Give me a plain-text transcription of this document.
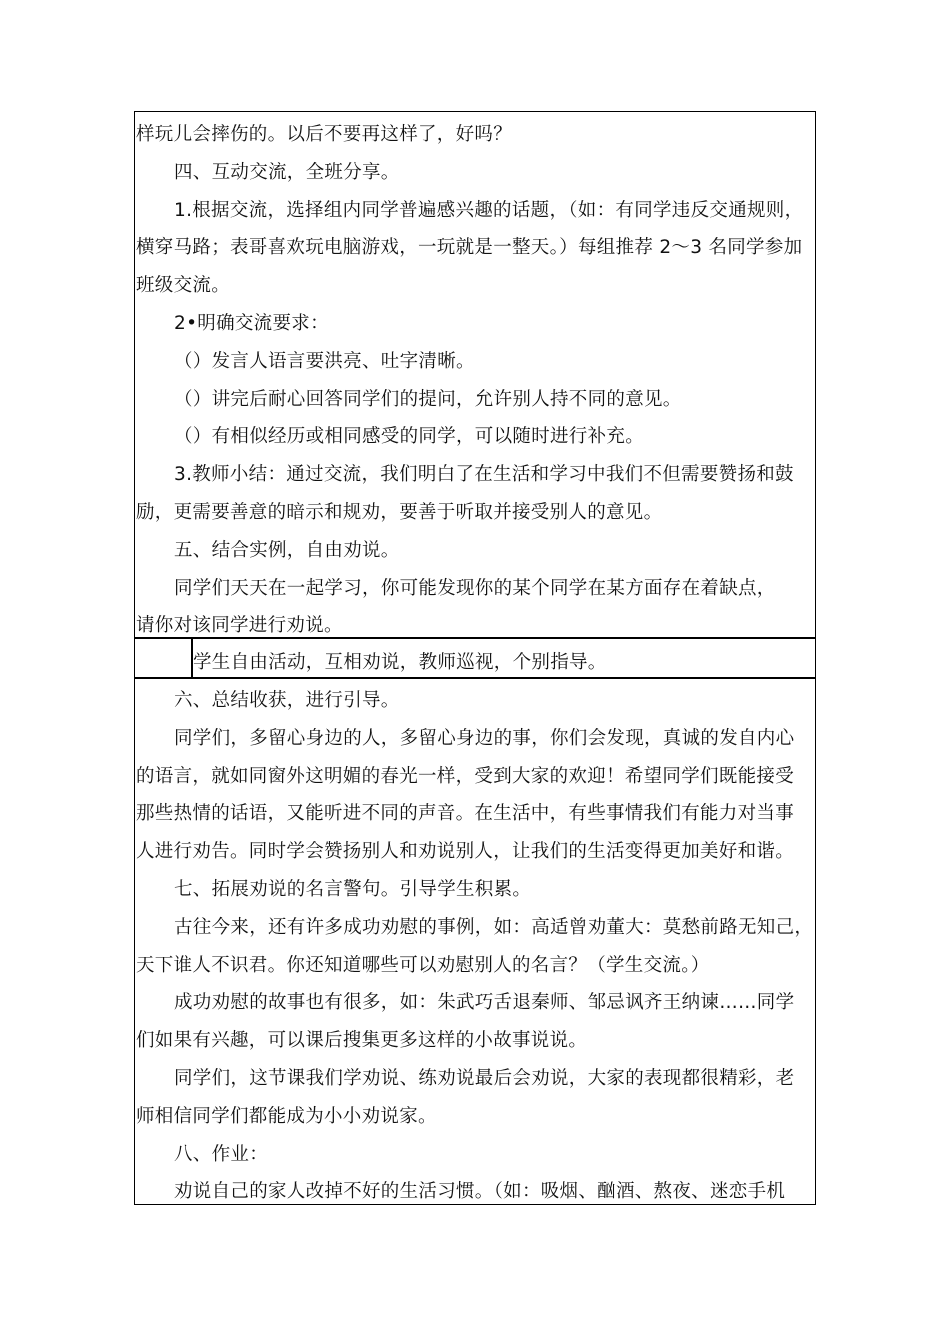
样玩儿会摔伤的。以后不要再这样了，好吗？
四、互动交流，全班分享。
1.根据交流，选择组内同学普遍感兴趣的话题，（如：有同学违反交通规则，
横穿马路；表哥喜欢玩电脑游戏，一玩就是一整天。）每组推荐 2～3 名同学参加
班级交流。
2•明确交流要求：
（）发言人语言要洪亮、吐字清晰。
（）讲完后耐心回答同学们的提问，允许别人持不同的意见。
（）有相似经历或相同感受的同学，可以随时进行补充。
3.教师小结：通过交流，我们明白了在生活和学习中我们不但需要赞扬和鼓
励，更需要善意的暗示和规劝，要善于听取并接受别人的意见。
五、结合实例，自由劝说。
同学们天天在一起学习，你可能发现你的某个同学在某方面存在着缺点，
请你对该同学进行劝说。
学生自由活动，互相劝说，教师巡视，个别指导。
六、总结收获，进行引导。
同学们，多留心身边的人，多留心身边的事，你们会发现，真诚的发自内心
的语言，就如同窗外这明媚的春光一样，受到大家的欢迎！希望同学们既能接受
那些热情的话语，又能听进不同的声音。在生活中，有些事情我们有能力对当事
人进行劝告。同时学会赞扬别人和劝说别人，让我们的生活变得更加美好和谐。
七、拓展劝说的名言警句。引导学生积累。
古往今来，还有许多成功劝慰的事例，如：高适曾劝董大：莫愁前路无知己，
天下谁人不识君。你还知道哪些可以劝慰别人的名言？（学生交流。）
成功劝慰的故事也有很多，如：朱武巧舌退秦师、邹忌讽齐王纳谏……同学
们如果有兴趣，可以课后搜集更多这样的小故事说说。
同学们，这节课我们学劝说、练劝说最后会劝说，大家的表现都很精彩，老
师相信同学们都能成为小小劝说家。
八、作业：
劝说自己的家人改掉不好的生活习惯。（如：吸烟、酗酒、熬夜、迷恋手机
